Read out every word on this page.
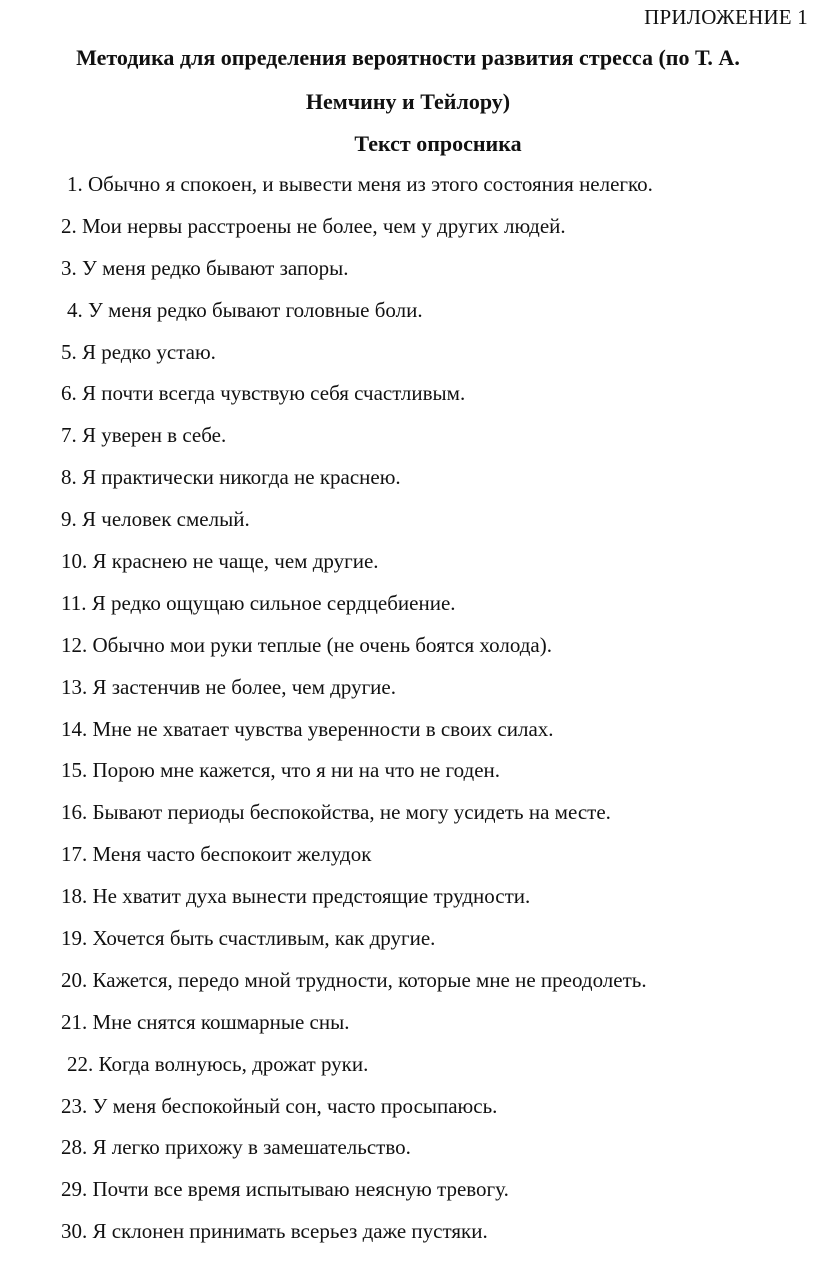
ПРИЛОЖЕНИЕ 1
Методика для определения вероятности развития стресса (по Т. А.
Немчину и Тейлору)
Текст опросника
1. Обычно я спокоен, и вывести меня из этого состояния нелегко.
2. Мои нервы расстроены не более, чем у других людей.
3. У меня редко бывают запоры.
4. У меня редко бывают головные боли.
5. Я редко устаю.
6. Я почти всегда чувствую себя счастливым.
7. Я уверен в себе.
8. Я практически никогда не краснею.
9. Я человек смелый.
10. Я краснею не чаще, чем другие.
11. Я редко ощущаю сильное сердцебиение.
12. Обычно мои руки теплые (не очень боятся холода).
13. Я застенчив не более, чем другие.
14. Мне не хватает чувства уверенности в своих силах.
15. Порою мне кажется, что я ни на что не годен.
16. Бывают периоды беспокойства, не могу усидеть на месте.
17. Меня часто беспокоит желудок
18. Не хватит духа вынести предстоящие трудности.
19. Хочется быть счастливым, как другие.
20. Кажется, передо мной трудности, которые мне не преодолеть.
21. Мне снятся кошмарные сны.
22. Когда волнуюсь, дрожат руки.
23. У меня беспокойный сон, часто просыпаюсь.
28. Я легко прихожу в замешательство.
29. Почти все время испытываю неясную тревогу.
30. Я склонен принимать всерьез даже пустяки.
